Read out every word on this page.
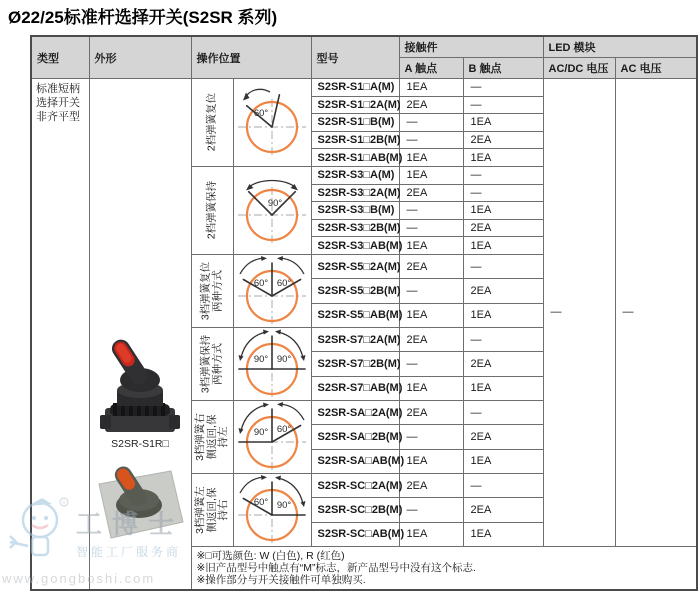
Ø22/25标准杆选择开关(S2SR 系列)
类型	外形	操作位置		型号	接触件		LED 模块	
					A 触点	B 触点	AC/DC 电压	AC 电压

标准短柄
选择开关
非齐平型	S2SR-S1R□	2档弹簧复位	60°	S2SR-S1□A(M)	1EA	—	—	—
				S2SR-S1□2A(M)	2EA	—		
				S2SR-S1□B(M)	—	1EA		
				S2SR-S1□2B(M)	—	2EA		
				S2SR-S1□AB(M)	1EA	1EA		

		2档弹簧保持	90°	S2SR-S3□A(M)	1EA	—		
				S2SR-S3□2A(M)	2EA	—		
				S2SR-S3□B(M)	—	1EA		
				S2SR-S3□2B(M)	—	2EA		
				S2SR-S3□AB(M)	1EA	1EA		

		3档弹簧复位 两种方式	60° 60°	S2SR-S5□2A(M)	2EA	—		
				S2SR-S5□2B(M)	—	2EA		
				S2SR-S5□AB(M)	1EA	1EA		

		3档弹簧保持 两种方式	90° 90°	S2SR-S7□2A(M)	2EA	—		
				S2SR-S7□2B(M)	—	2EA		
				S2SR-S7□AB(M)	1EA	1EA		

		3档弹簧右 侧返回,保 持左	90° 60°	S2SR-SA□2A(M)	2EA	—		
				S2SR-SA□2B(M)	—	2EA		
				S2SR-SA□AB(M)	1EA	1EA		

		3档弹簧左 侧返回,保 持右	60° 90°	S2SR-SC□2A(M)	2EA	—		
				S2SR-SC□2B(M)	—	2EA		
				S2SR-SC□AB(M)	1EA	1EA		

		※□可选颜色: W (白色), R (红色)
※旧产品型号中触点有“M”标志，新产品型号中没有这个标志.
※操作部分与开关接触件可单独购买.						
R
工博士
智能工厂服务商
www.gongboshi.com
